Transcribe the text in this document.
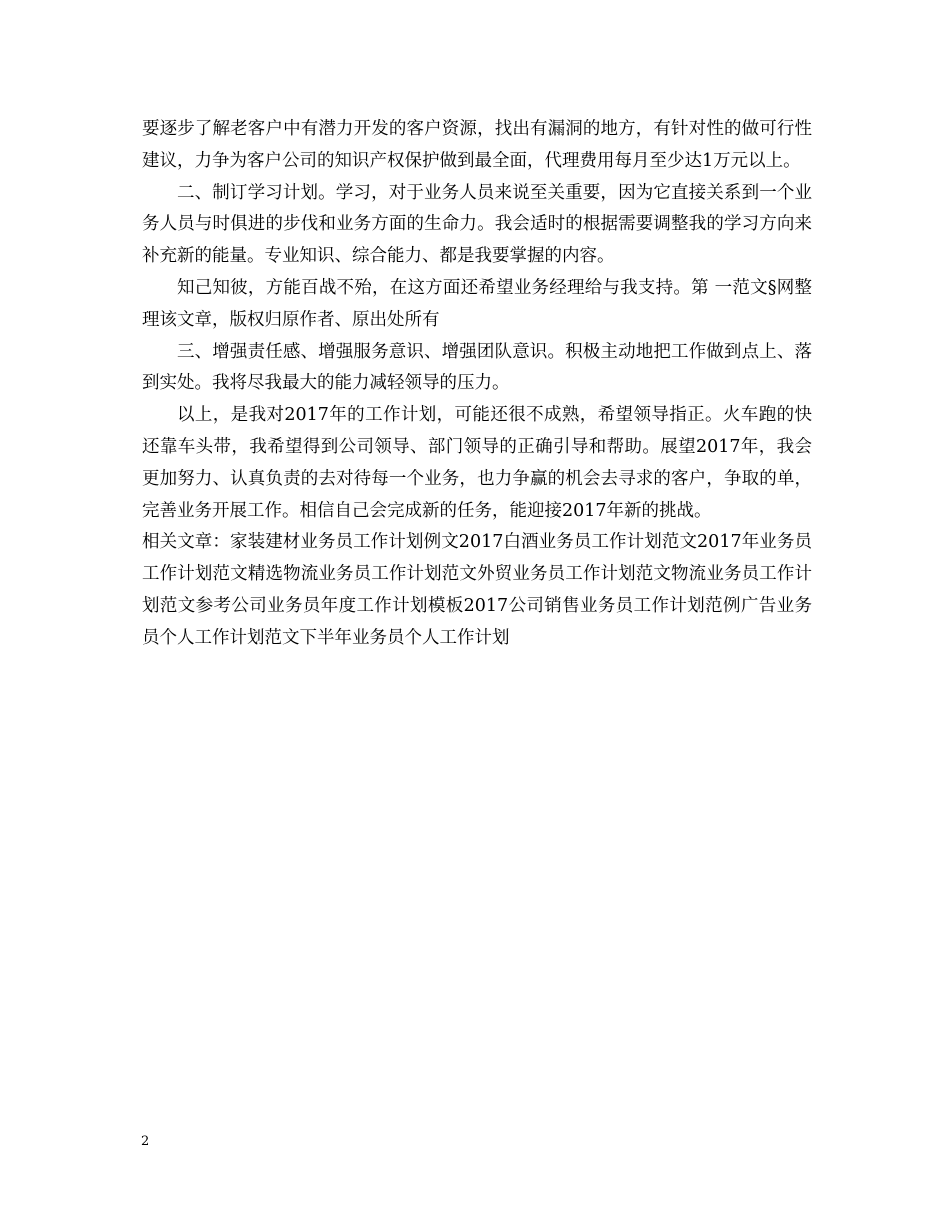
要逐步了解老客户中有潜力开发的客户资源，找出有漏洞的地方，有针对性的做可行性建议，力争为客户公司的知识产权保护做到最全面，代理费用每月至少达1万元以上。

二、制订学习计划。学习，对于业务人员来说至关重要，因为它直接关系到一个业务人员与时俱进的步伐和业务方面的生命力。我会适时的根据需要调整我的学习方向来补充新的能量。专业知识、综合能力、都是我要掌握的内容。

知己知彼，方能百战不殆，在这方面还希望业务经理给与我支持。第 一范文§网整理该文章，版权归原作者、原出处所有

三、增强责任感、增强服务意识、增强团队意识。积极主动地把工作做到点上、落到实处。我将尽我最大的能力减轻领导的压力。

以上，是我对2017年的工作计划，可能还很不成熟，希望领导指正。火车跑的快还靠车头带，我希望得到公司领导、部门领导的正确引导和帮助。展望2017年，我会更加努力、认真负责的去对待每一个业务，也力争赢的机会去寻求的客户，争取的单，完善业务开展工作。相信自己会完成新的任务，能迎接2017年新的挑战。

相关文章：家装建材业务员工作计划例文2017白酒业务员工作计划范文2017年业务员工作计划范文精选物流业务员工作计划范文外贸业务员工作计划范文物流业务员工作计划范文参考公司业务员年度工作计划模板2017公司销售业务员工作计划范例广告业务员个人工作计划范文下半年业务员个人工作计划

2
